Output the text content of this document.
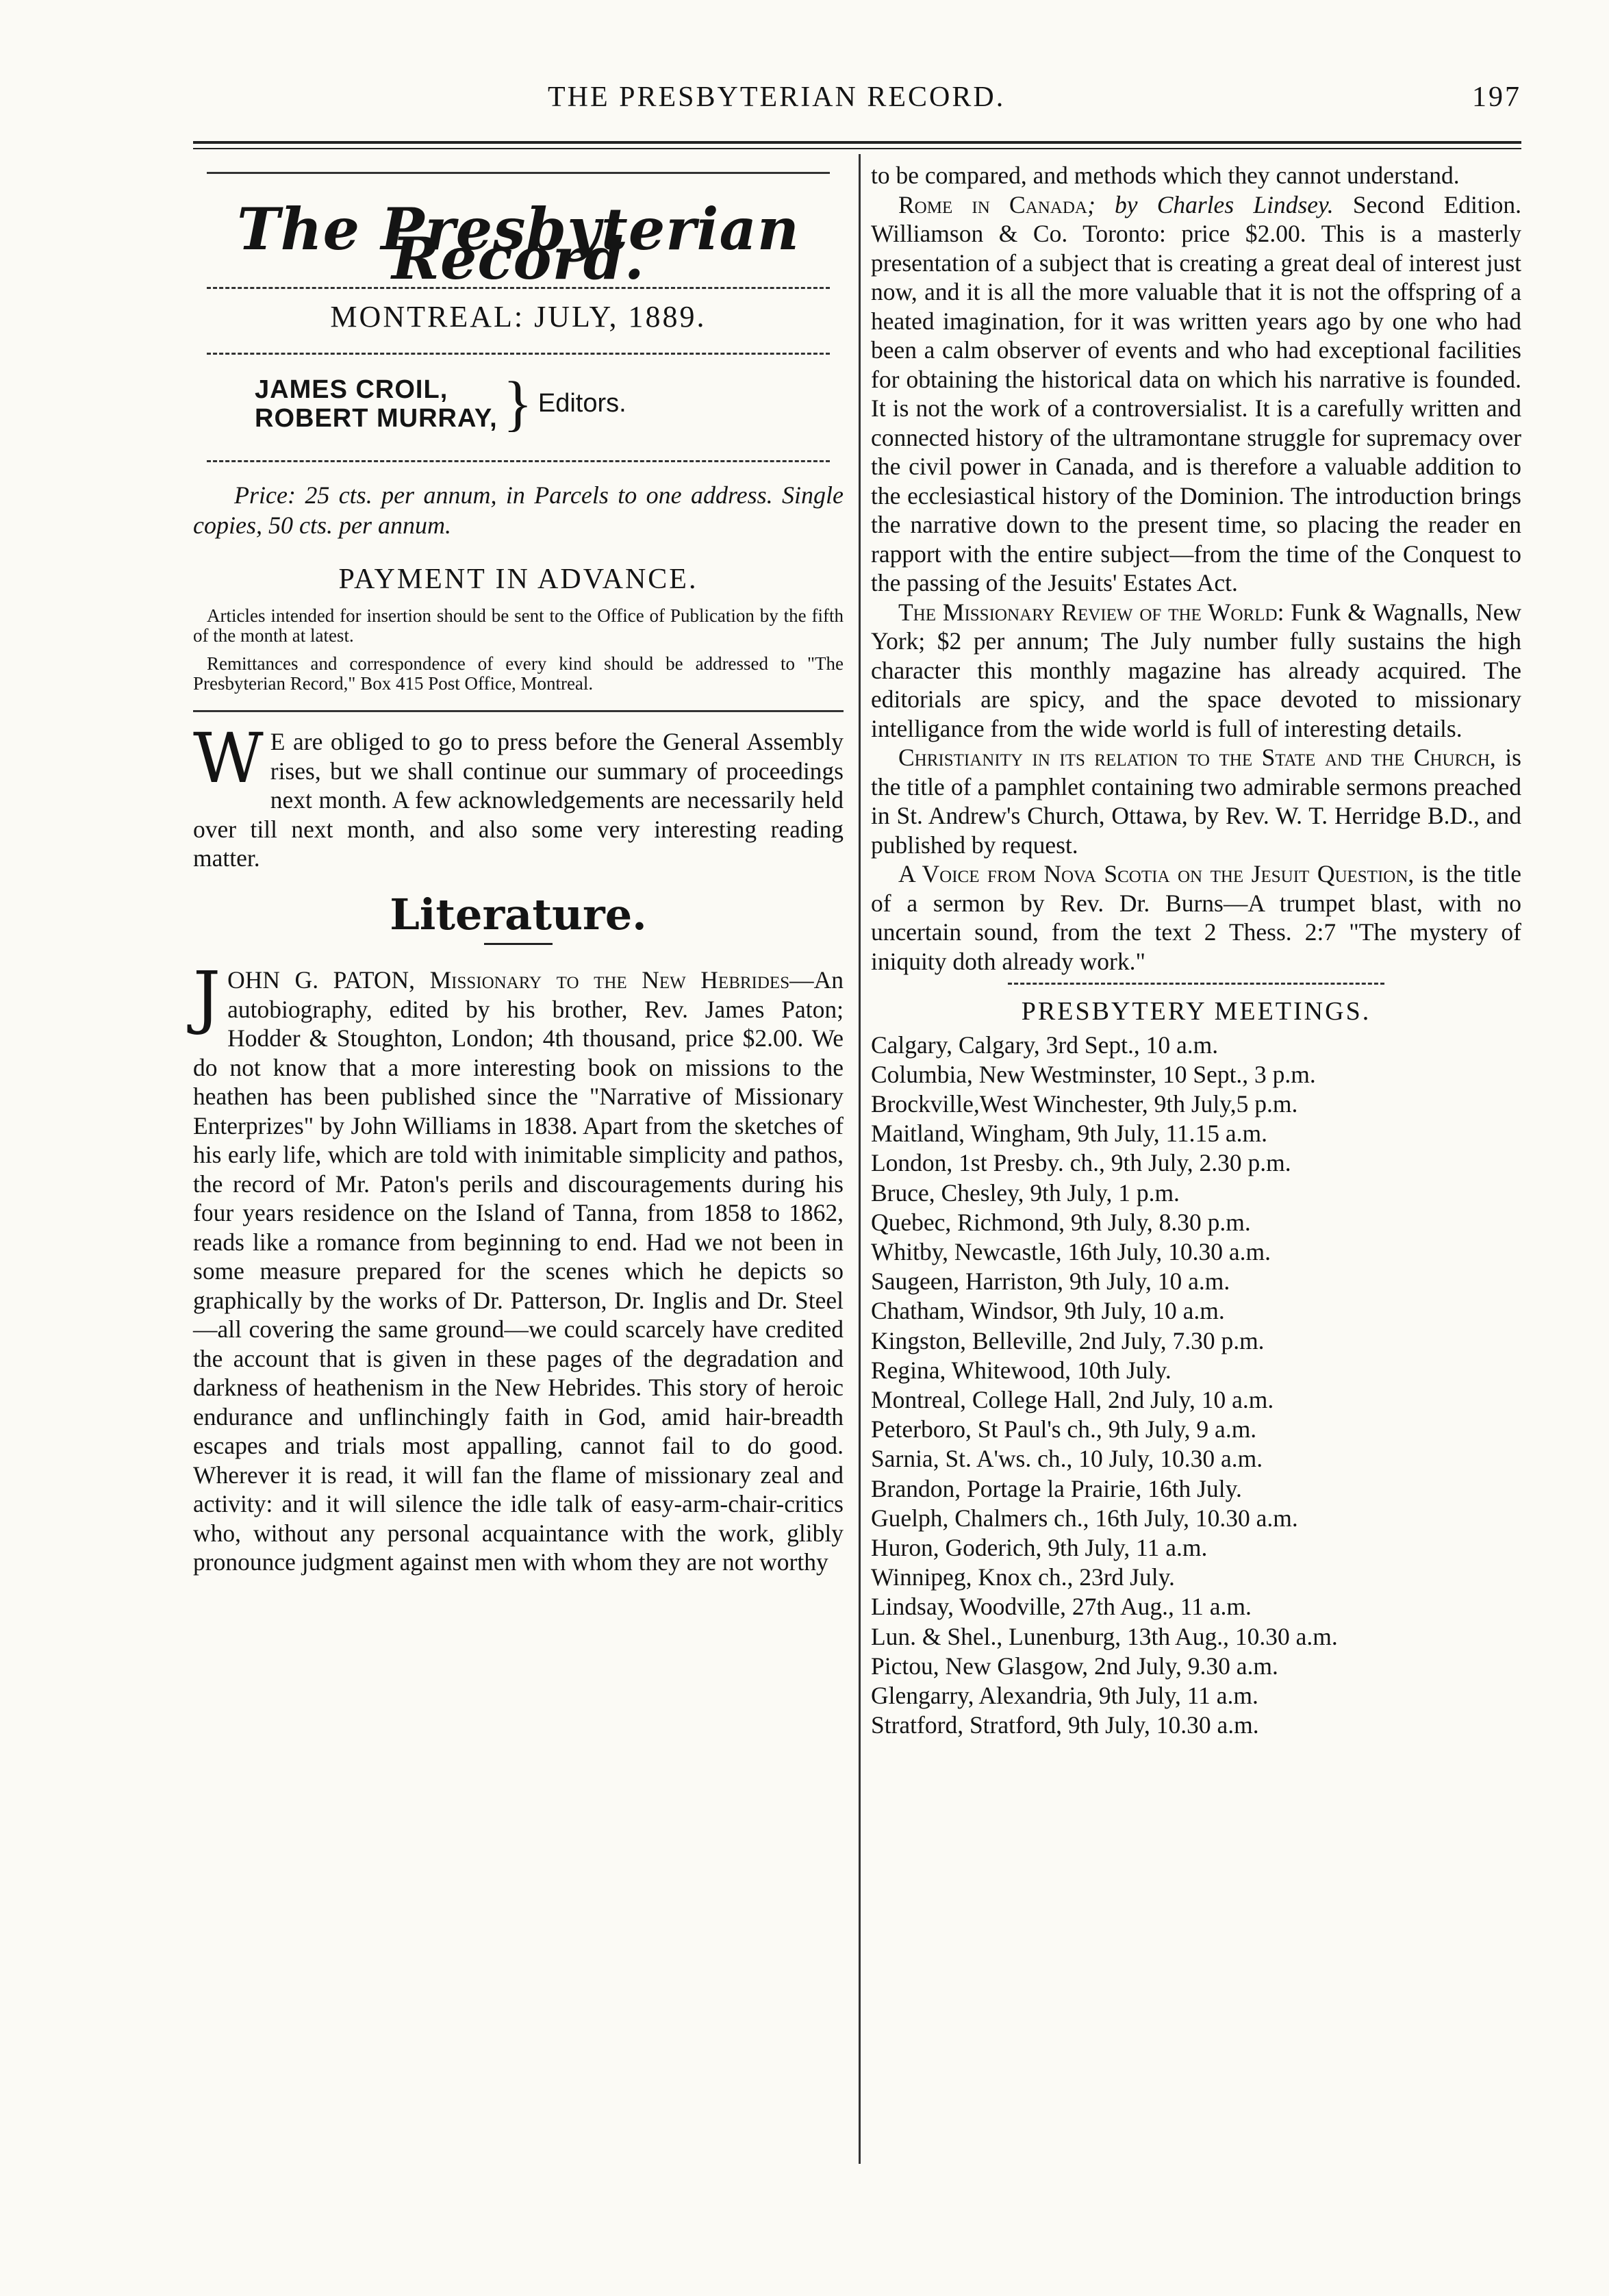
THE PRESBYTERIAN RECORD.	197
The Presbyterian Record.
MONTREAL: JULY, 1889.
JAMES CROIL,
ROBERT MURRAY, } Editors.

Price: 25 cts. per annum, in Parcels to one address. Single copies, 50 cts. per annum.

PAYMENT IN ADVANCE.

Articles intended for insertion should be sent to the Office of Publication by the fifth of the month at latest.

Remittances and correspondence of every kind should be addressed to "The Presbyterian Record," Box 415 Post Office, Montreal.

W E are obliged to go to press before the General Assembly rises, but we shall continue our summary of proceedings next month. A few acknowledgements are necessarily held over till next month, and also some very interesting reading matter.

Literature.

JOHN G. PATON, Missionary to the New Hebrides—An autobiography, edited by his brother, Rev. James Paton; Hodder & Stoughton, London; 4th thousand, price $2.00. We do not know that a more interesting book on missions to the heathen has been published since the "Narrative of Missionary Enterprizes" by John Williams in 1838. Apart from the sketches of his early life, which are told with inimitable simplicity and pathos, the record of Mr. Paton's perils and discouragements during his four years residence on the Island of Tanna, from 1858 to 1862, reads like a romance from beginning to end. Had we not been in some measure prepared for the scenes which he depicts so graphically by the works of Dr. Patterson, Dr. Inglis and Dr. Steel —all covering the same ground—we could scarcely have credited the account that is given in these pages of the degradation and darkness of heathenism in the New Hebrides. This story of heroic endurance and unflinchingly faith in God, amid hair-breadth escapes and trials most appalling, cannot fail to do good. Wherever it is read, it will fan the flame of missionary zeal and activity: and it will silence the idle talk of easy-arm-chair-critics who, without any personal acquaintance with the work, glibly pronounce judgment against men with whom they are not worthy

to be compared, and methods which they cannot understand.

Rome in Canada; by Charles Lindsey. Second Edition. Williamson & Co. Toronto: price $2.00. This is a masterly presentation of a subject that is creating a great deal of interest just now, and it is all the more valuable that it is not the offspring of a heated imagination, for it was written years ago by one who had been a calm observer of events and who had exceptional facilities for obtaining the historical data on which his narrative is founded. It is not the work of a controversialist. It is a carefully written and connected history of the ultramontane struggle for supremacy over the civil power in Canada, and is therefore a valuable addition to the ecclesiastical history of the Dominion. The introduction brings the narrative down to the present time, so placing the reader en rapport with the entire subject—from the time of the Conquest to the passing of the Jesuits' Estates Act.

The Missionary Review of the World: Funk & Wagnalls, New York; $2 per annum; The July number fully sustains the high character this monthly magazine has already acquired. The editorials are spicy, and the space devoted to missionary intelligance from the wide world is full of interesting details.

Christianity in its relation to the State and the Church, is the title of a pamphlet containing two admirable sermons preached in St. Andrew's Church, Ottawa, by Rev. W. T. Herridge B.D., and published by request.

A Voice from Nova Scotia on the Jesuit Question, is the title of a sermon by Rev. Dr. Burns—A trumpet blast, with no uncertain sound, from the text 2 Thess. 2:7 "The mystery of iniquity doth already work."

PRESBYTERY MEETINGS.

Calgary, Calgary, 3rd Sept., 10 a.m.

Columbia, New Westminster, 10 Sept., 3 p.m.

Brockville,West Winchester, 9th July,5 p.m.

Maitland, Wingham, 9th July, 11.15 a.m.

London, 1st Presby. ch., 9th July, 2.30 p.m.

Bruce, Chesley, 9th July, 1 p.m.

Quebec, Richmond, 9th July, 8.30 p.m.

Whitby, Newcastle, 16th July, 10.30 a.m.

Saugeen, Harriston, 9th July, 10 a.m.

Chatham, Windsor, 9th July, 10 a.m.

Kingston, Belleville, 2nd July, 7.30 p.m.

Regina, Whitewood, 10th July.

Montreal, College Hall, 2nd July, 10 a.m.

Peterboro, St Paul's ch., 9th July, 9 a.m.

Sarnia, St. A'ws. ch., 10 July, 10.30 a.m.

Brandon, Portage la Prairie, 16th July.

Guelph, Chalmers ch., 16th July, 10.30 a.m.

Huron, Goderich, 9th July, 11 a.m.

Winnipeg, Knox ch., 23rd July.

Lindsay, Woodville, 27th Aug., 11 a.m.

Lun. & Shel., Lunenburg, 13th Aug., 10.30 a.m.

Pictou, New Glasgow, 2nd July, 9.30 a.m.

Glengarry, Alexandria, 9th July, 11 a.m.

Stratford, Stratford, 9th July, 10.30 a.m.
